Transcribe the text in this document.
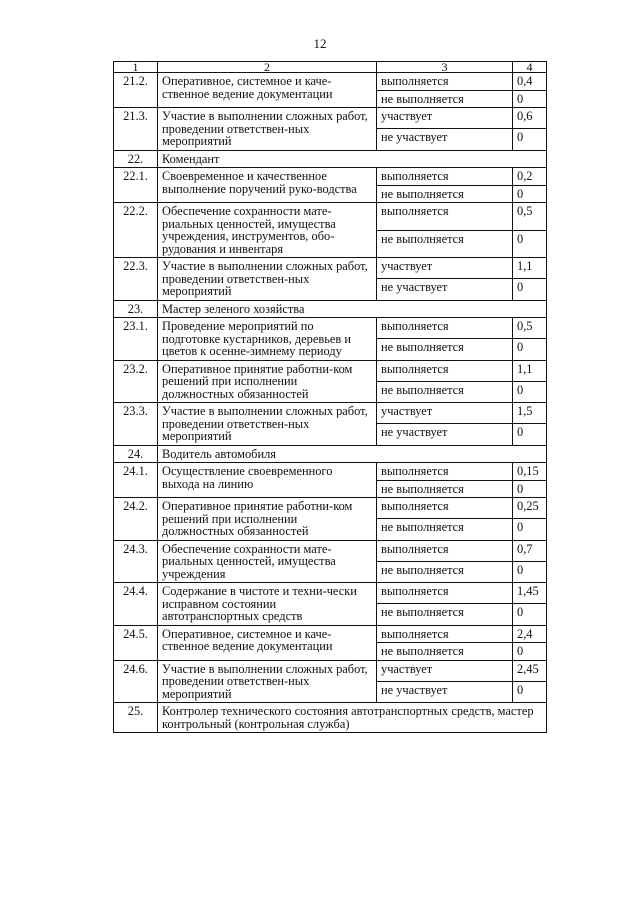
12
1	2	3	4
21.2.	Оперативное, системное и каче-ственное ведение документации	выполняется	0,4
		не выполняется	0
21.3.	Участие в выполнении сложных работ, проведении ответствен-ных мероприятий	участвует	0,6
		не участвует	0
22.	Комендант		
22.1.	Своевременное и качественное выполнение поручений руко-водства	выполняется	0,2
		не выполняется	0
22.2.	Обеспечение сохранности мате-риальных ценностей, имущества учреждения, инструментов, обо-рудования и инвентаря	выполняется	0,5
		не выполняется	0
22.3.	Участие в выполнении сложных работ, проведении ответствен-ных мероприятий	участвует	1,1
		не участвует	0
23.	Мастер зеленого хозяйства		
23.1.	Проведение мероприятий по подготовке кустарников, деревьев и цветов к осенне-зимнему периоду	выполняется	0,5
		не выполняется	0
23.2.	Оперативное принятие работни-ком решений при исполнении должностных обязанностей	выполняется	1,1
		не выполняется	0
23.3.	Участие в выполнении сложных работ, проведении ответствен-ных мероприятий	участвует	1,5
		не участвует	0
24.	Водитель автомобиля		
24.1.	Осуществление своевременного выхода на линию	выполняется	0,15
		не выполняется	0
24.2.	Оперативное принятие работни-ком решений при исполнении должностных обязанностей	выполняется	0,25
		не выполняется	0
24.3.	Обеспечение сохранности мате-риальных ценностей, имущества учреждения	выполняется	0,7
		не выполняется	0
24.4.	Содержание в чистоте и техни-чески исправном состоянии автотранспортных средств	выполняется	1,45
		не выполняется	0
24.5.	Оперативное, системное и каче-ственное ведение документации	выполняется	2,4
		не выполняется	0
24.6.	Участие в выполнении сложных работ, проведении ответствен-ных мероприятий	участвует	2,45
		не участвует	0
25.	Контролер технического состояния автотранспортных средств, мастер контрольный (контрольная служба)		
